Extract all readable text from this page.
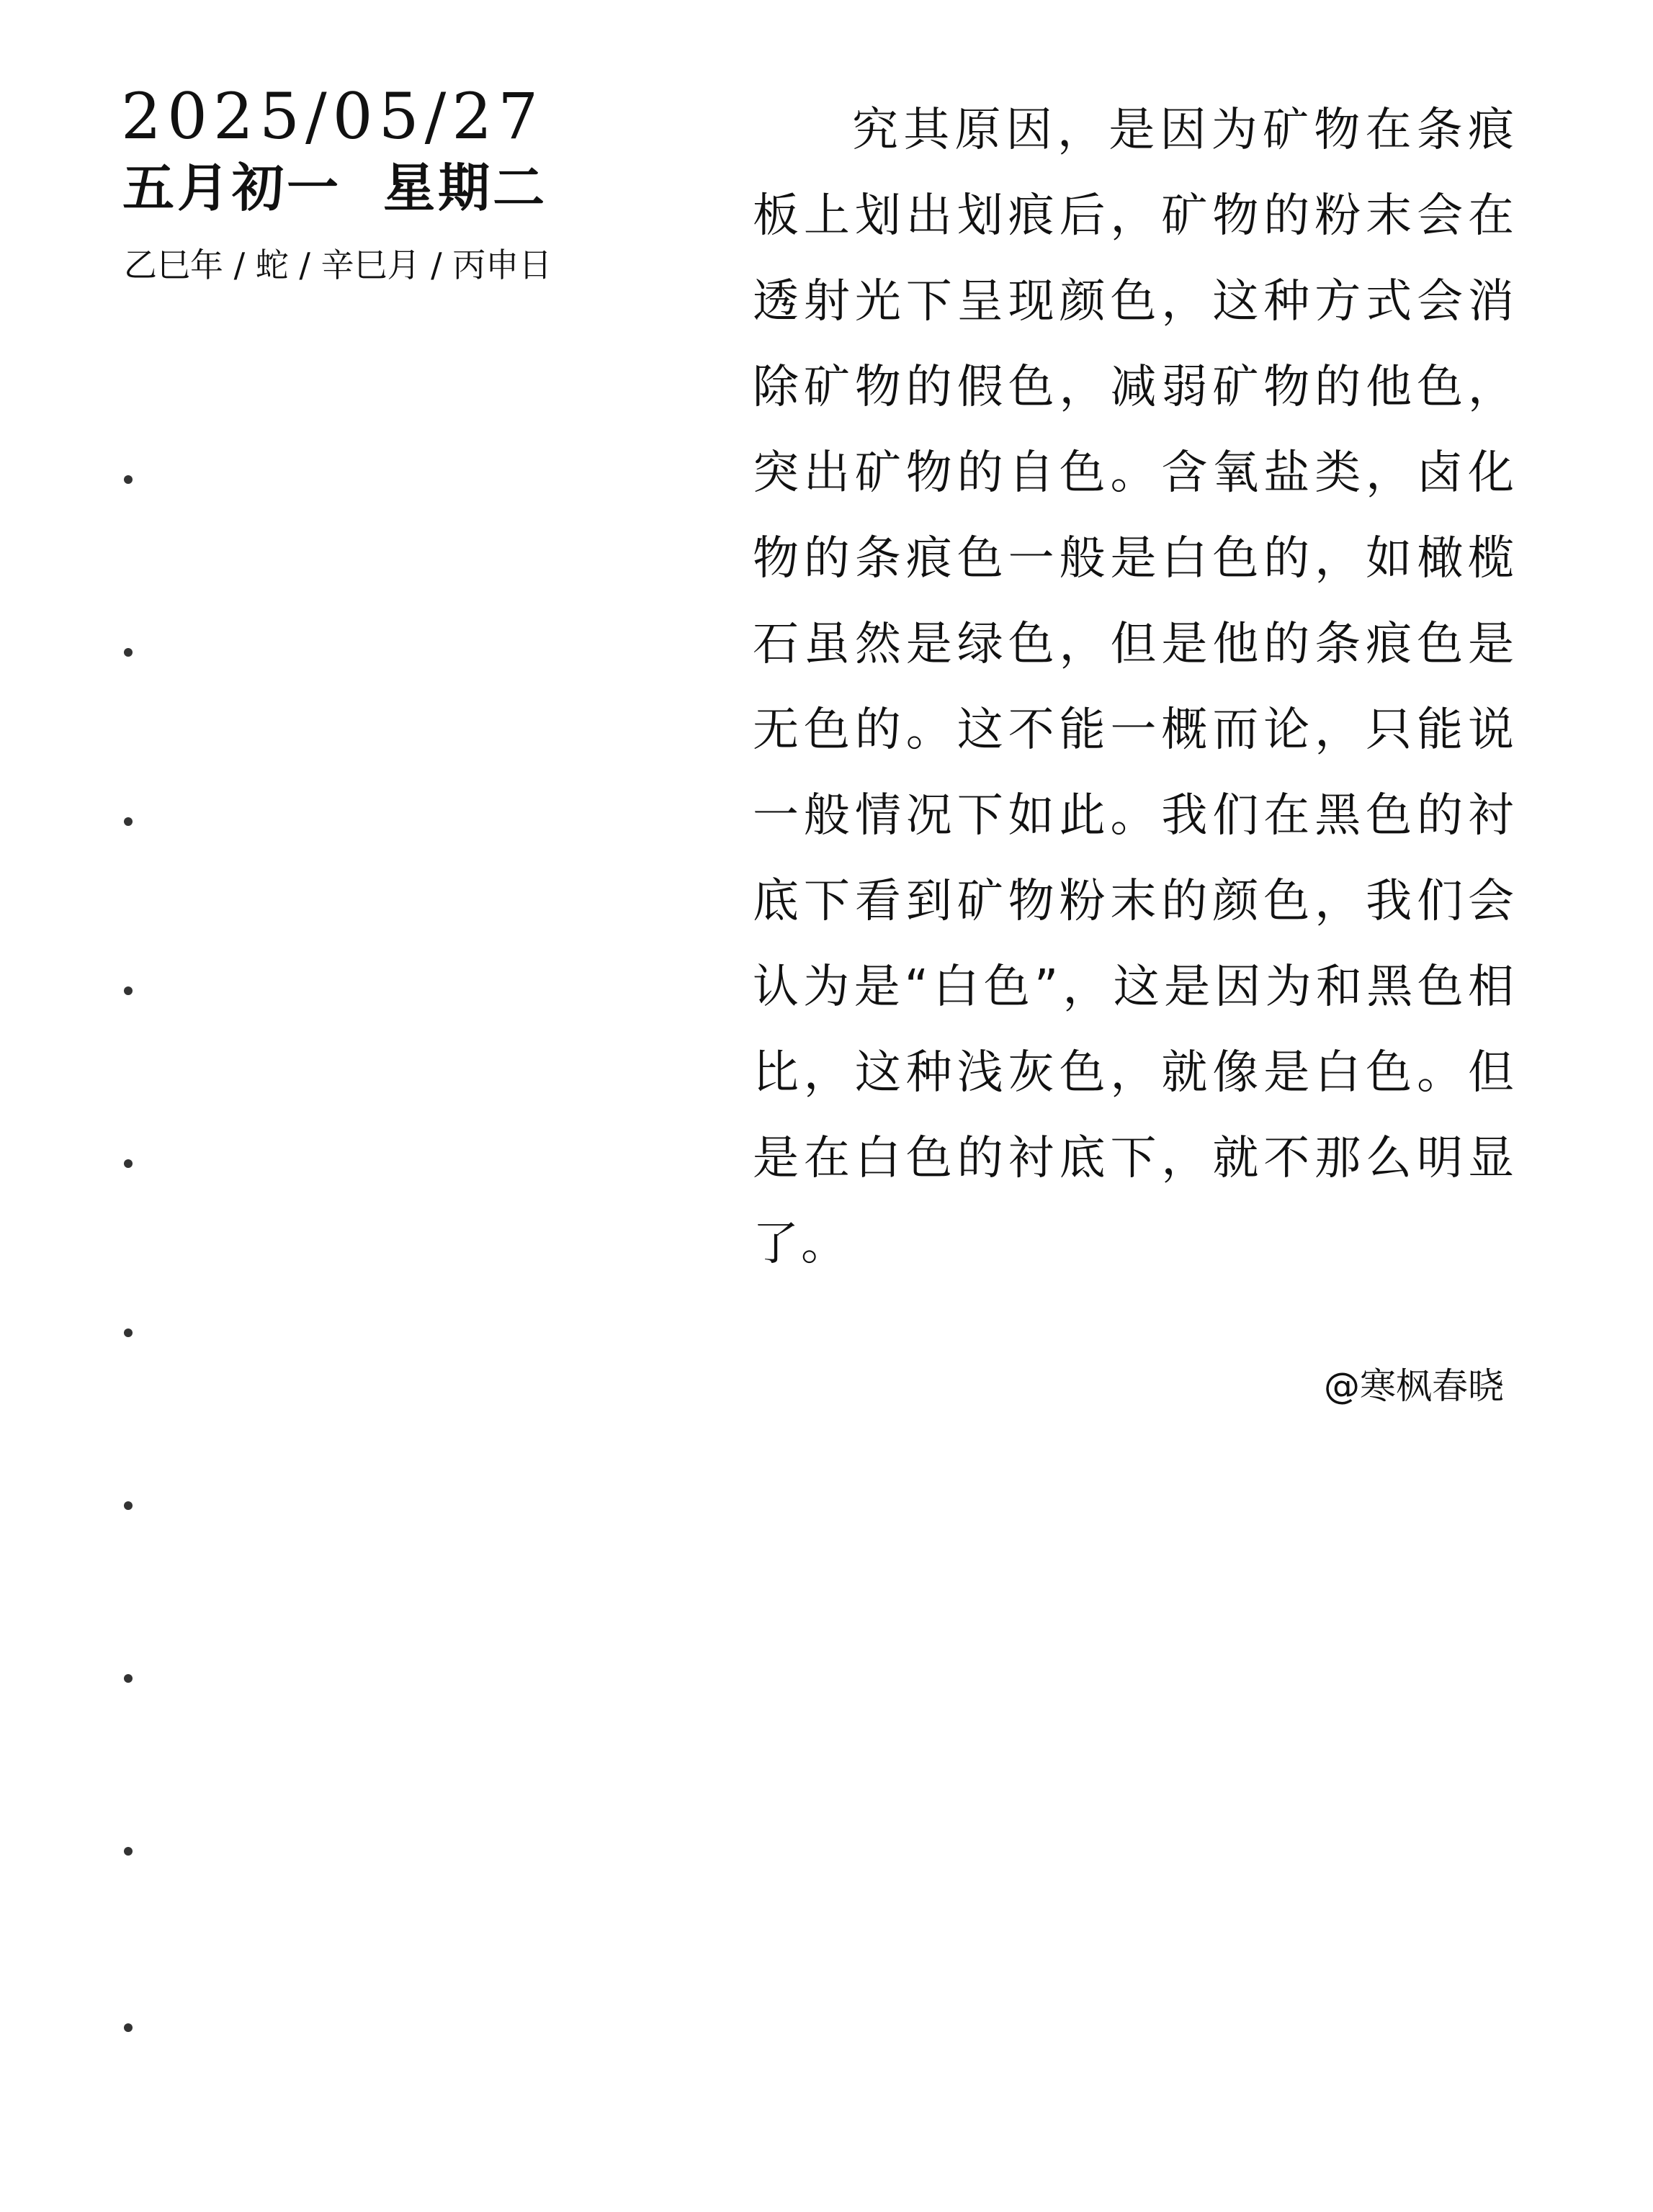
2025/05/27
五月初一  星期二
乙巳年 / 蛇 / 辛巳月 / 丙申日

究其原因，是因为矿物在条痕板上划出划痕后，矿物的粉末会在透射光下呈现颜色，这种方式会消除矿物的假色，减弱矿物的他色，突出矿物的自色。含氧盐类，卤化物的条痕色一般是白色的，如橄榄石虽然是绿色，但是他的条痕色是无色的。这不能一概而论，只能说一般情况下如此。我们在黑色的衬底下看到矿物粉末的颜色，我们会认为是“白色”，这是因为和黑色相比，这种浅灰色，就像是白色。但是在白色的衬底下，就不那么明显了。

@寒枫春晓
